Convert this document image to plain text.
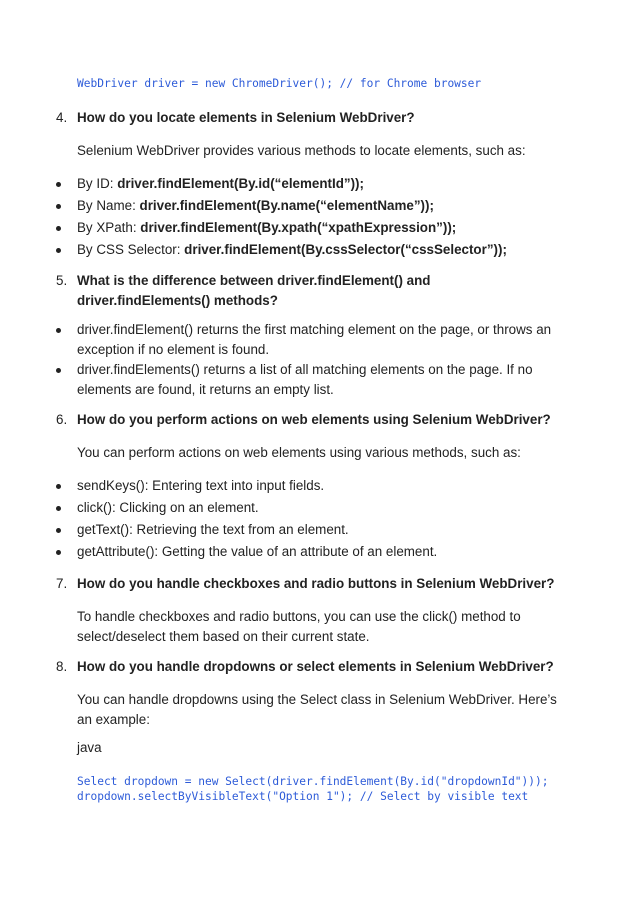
WebDriver driver = new ChromeDriver(); // for Chrome browser
4. How do you locate elements in Selenium WebDriver?
Selenium WebDriver provides various methods to locate elements, such as:
By ID: driver.findElement(By.id(“elementId”));
By Name: driver.findElement(By.name(“elementName”));
By XPath: driver.findElement(By.xpath(“xpathExpression”));
By CSS Selector: driver.findElement(By.cssSelector(“cssSelector”));
5. What is the difference between driver.findElement() and driver.findElements() methods?
driver.findElement() returns the first matching element on the page, or throws an exception if no element is found.
driver.findElements() returns a list of all matching elements on the page. If no elements are found, it returns an empty list.
6. How do you perform actions on web elements using Selenium WebDriver?
You can perform actions on web elements using various methods, such as:
sendKeys(): Entering text into input fields.
click(): Clicking on an element.
getText(): Retrieving the text from an element.
getAttribute(): Getting the value of an attribute of an element.
7. How do you handle checkboxes and radio buttons in Selenium WebDriver?
To handle checkboxes and radio buttons, you can use the click() method to select/deselect them based on their current state.
8. How do you handle dropdowns or select elements in Selenium WebDriver?
You can handle dropdowns using the Select class in Selenium WebDriver. Here’s an example:
java
Select dropdown = new Select(driver.findElement(By.id("dropdownId")));
dropdown.selectByVisibleText("Option 1"); // Select by visible text
